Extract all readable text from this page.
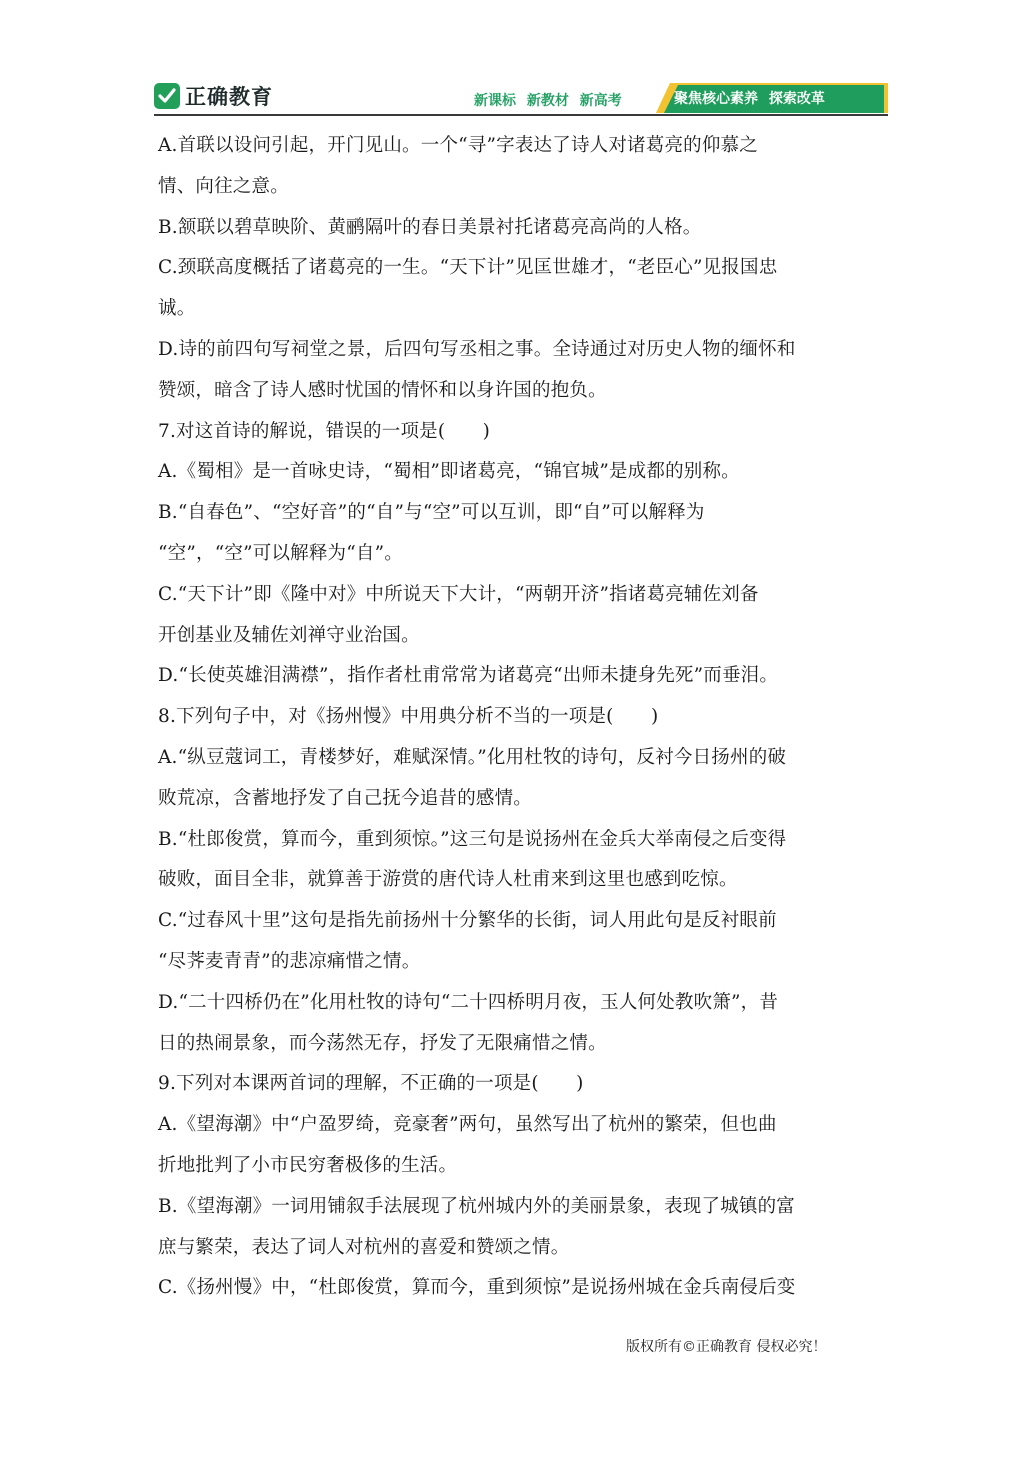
正确教育	新课标 新教材 新高考	聚焦核心素养 探索改革

A.首联以设问引起，开门见山。一个“寻”字表达了诗人对诸葛亮的仰慕之

情、向往之意。

B.颔联以碧草映阶、黄鹂隔叶的春日美景衬托诸葛亮高尚的人格。

C.颈联高度概括了诸葛亮的一生。“天下计”见匡世雄才，“老臣心”见报国忠

诚。

D.诗的前四句写祠堂之景，后四句写丞相之事。全诗通过对历史人物的缅怀和

赞颂，暗含了诗人感时忧国的情怀和以身许国的抱负。

7.对这首诗的解说，错误的一项是(　　)

A.《蜀相》是一首咏史诗，“蜀相”即诸葛亮，“锦官城”是成都的别称。

B.“自春色”、“空好音”的“自”与“空”可以互训，即“自”可以解释为

“空”，“空”可以解释为“自”。

C.“天下计”即《隆中对》中所说天下大计，“两朝开济”指诸葛亮辅佐刘备

开创基业及辅佐刘禅守业治国。

D.“长使英雄泪满襟”，指作者杜甫常常为诸葛亮“出师未捷身先死”而垂泪。

8.下列句子中，对《扬州慢》中用典分析不当的一项是(　　)

A.“纵豆蔻词工，青楼梦好，难赋深情。”化用杜牧的诗句，反衬今日扬州的破

败荒凉，含蓄地抒发了自己抚今追昔的感情。

B.“杜郎俊赏，算而今，重到须惊。”这三句是说扬州在金兵大举南侵之后变得

破败，面目全非，就算善于游赏的唐代诗人杜甫来到这里也感到吃惊。

C.“过春风十里”这句是指先前扬州十分繁华的长街，词人用此句是反衬眼前

“尽荠麦青青”的悲凉痛惜之情。

D.“二十四桥仍在”化用杜牧的诗句“二十四桥明月夜，玉人何处教吹箫”，昔

日的热闹景象，而今荡然无存，抒发了无限痛惜之情。

9.下列对本课两首词的理解，不正确的一项是(　　)

A.《望海潮》中“户盈罗绮，竞豪奢”两句，虽然写出了杭州的繁荣，但也曲

折地批判了小市民穷奢极侈的生活。

B.《望海潮》一词用铺叙手法展现了杭州城内外的美丽景象，表现了城镇的富

庶与繁荣，表达了词人对杭州的喜爱和赞颂之情。

C.《扬州慢》中，“杜郎俊赏，算而今，重到须惊”是说扬州城在金兵南侵后变

版权所有©正确教育 侵权必究！
